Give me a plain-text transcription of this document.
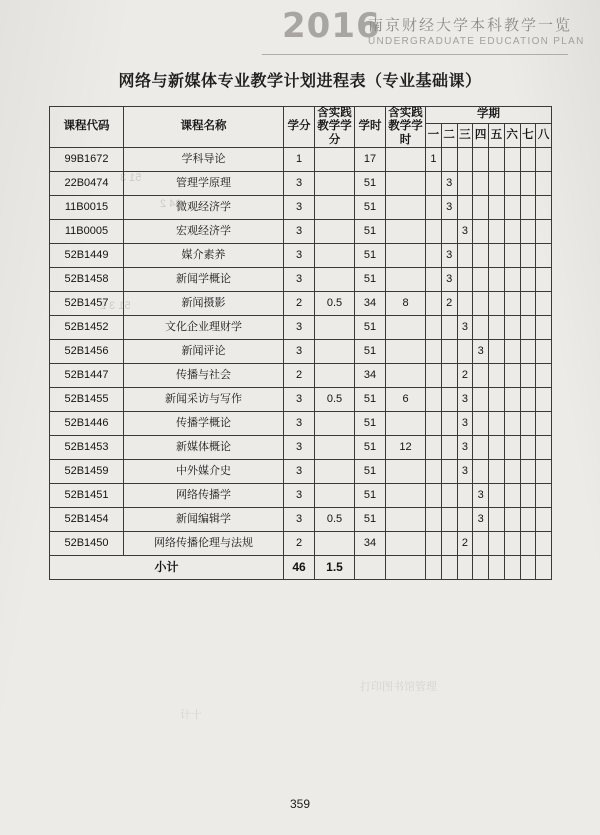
2016
南京财经大学本科教学一览
UNDERGRADUATE EDUCATION PLAN
网络与新媒体专业教学计划进程表（专业基础课）
51 3
34 2
51 3 2
打印图书馆管理
计十
课程代码	课程名称	学分	含实践教学学分	学时	含实践教学学时	学期							
						一	二	三	四	五	六	七	八
99B1672	学科导论	1		17		1							
22B0474	管理学原理	3		51			3						
11B0015	微观经济学	3		51			3						
11B0005	宏观经济学	3		51				3					
52B1449	媒介素养	3		51			3						
52B1458	新闻学概论	3		51			3						
52B1457	新闻摄影	2	0.5	34	8		2						
52B1452	文化企业理财学	3		51				3					
52B1456	新闻评论	3		51					3				
52B1447	传播与社会	2		34				2					
52B1455	新闻采访与写作	3	0.5	51	6			3					
52B1446	传播学概论	3		51				3					
52B1453	新媒体概论	3		51	12			3					
52B1459	中外媒介史	3		51				3					
52B1451	网络传播学	3		51					3				
52B1454	新闻编辑学	3	0.5	51					3				
52B1450	网络传播伦理与法规	2		34				2					
小计		46	1.5										
359
